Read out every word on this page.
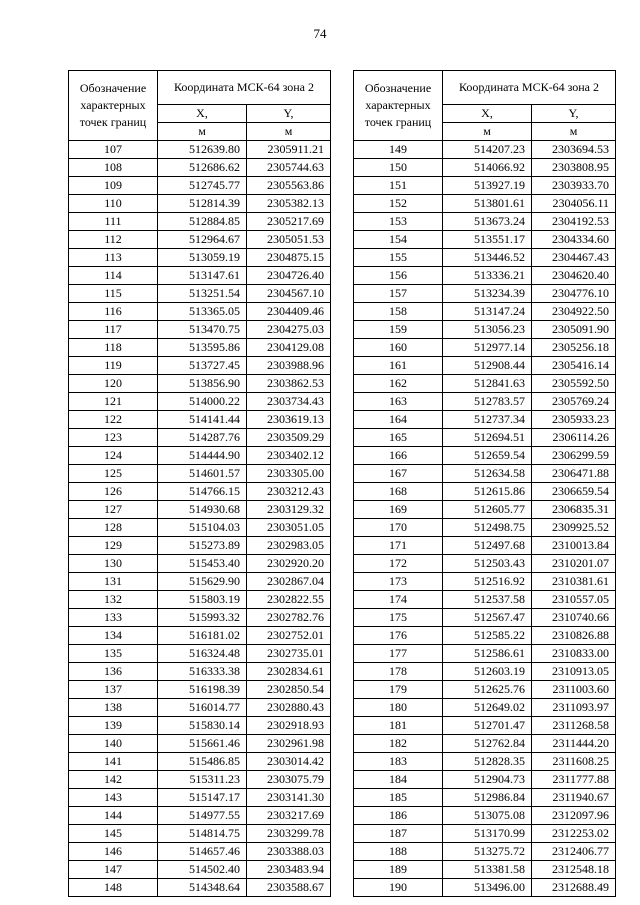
74
Обозначение характерных точек границ	Координата МСК-64 зона 2	
	X,	Y,
	м	м
107	512639.80	2305911.21
108	512686.62	2305744.63
109	512745.77	2305563.86
110	512814.39	2305382.13
111	512884.85	2305217.69
112	512964.67	2305051.53
113	513059.19	2304875.15
114	513147.61	2304726.40
115	513251.54	2304567.10
116	513365.05	2304409.46
117	513470.75	2304275.03
118	513595.86	2304129.08
119	513727.45	2303988.96
120	513856.90	2303862.53
121	514000.22	2303734.43
122	514141.44	2303619.13
123	514287.76	2303509.29
124	514444.90	2303402.12
125	514601.57	2303305.00
126	514766.15	2303212.43
127	514930.68	2303129.32
128	515104.03	2303051.05
129	515273.89	2302983.05
130	515453.40	2302920.20
131	515629.90	2302867.04
132	515803.19	2302822.55
133	515993.32	2302782.76
134	516181.02	2302752.01
135	516324.48	2302735.01
136	516333.38	2302834.61
137	516198.39	2302850.54
138	516014.77	2302880.43
139	515830.14	2302918.93
140	515661.46	2302961.98
141	515486.85	2303014.42
142	515311.23	2303075.79
143	515147.17	2303141.30
144	514977.55	2303217.69
145	514814.75	2303299.78
146	514657.46	2303388.03
147	514502.40	2303483.94
148	514348.64	2303588.67
Обозначение характерных точек границ	Координата МСК-64 зона 2	
	X,	Y,
	м	м
149	514207.23	2303694.53
150	514066.92	2303808.95
151	513927.19	2303933.70
152	513801.61	2304056.11
153	513673.24	2304192.53
154	513551.17	2304334.60
155	513446.52	2304467.43
156	513336.21	2304620.40
157	513234.39	2304776.10
158	513147.24	2304922.50
159	513056.23	2305091.90
160	512977.14	2305256.18
161	512908.44	2305416.14
162	512841.63	2305592.50
163	512783.57	2305769.24
164	512737.34	2305933.23
165	512694.51	2306114.26
166	512659.54	2306299.59
167	512634.58	2306471.88
168	512615.86	2306659.54
169	512605.77	2306835.31
170	512498.75	2309925.52
171	512497.68	2310013.84
172	512503.43	2310201.07
173	512516.92	2310381.61
174	512537.58	2310557.05
175	512567.47	2310740.66
176	512585.22	2310826.88
177	512586.61	2310833.00
178	512603.19	2310913.05
179	512625.76	2311003.60
180	512649.02	2311093.97
181	512701.47	2311268.58
182	512762.84	2311444.20
183	512828.35	2311608.25
184	512904.73	2311777.88
185	512986.84	2311940.67
186	513075.08	2312097.96
187	513170.99	2312253.02
188	513275.72	2312406.77
189	513381.58	2312548.18
190	513496.00	2312688.49
